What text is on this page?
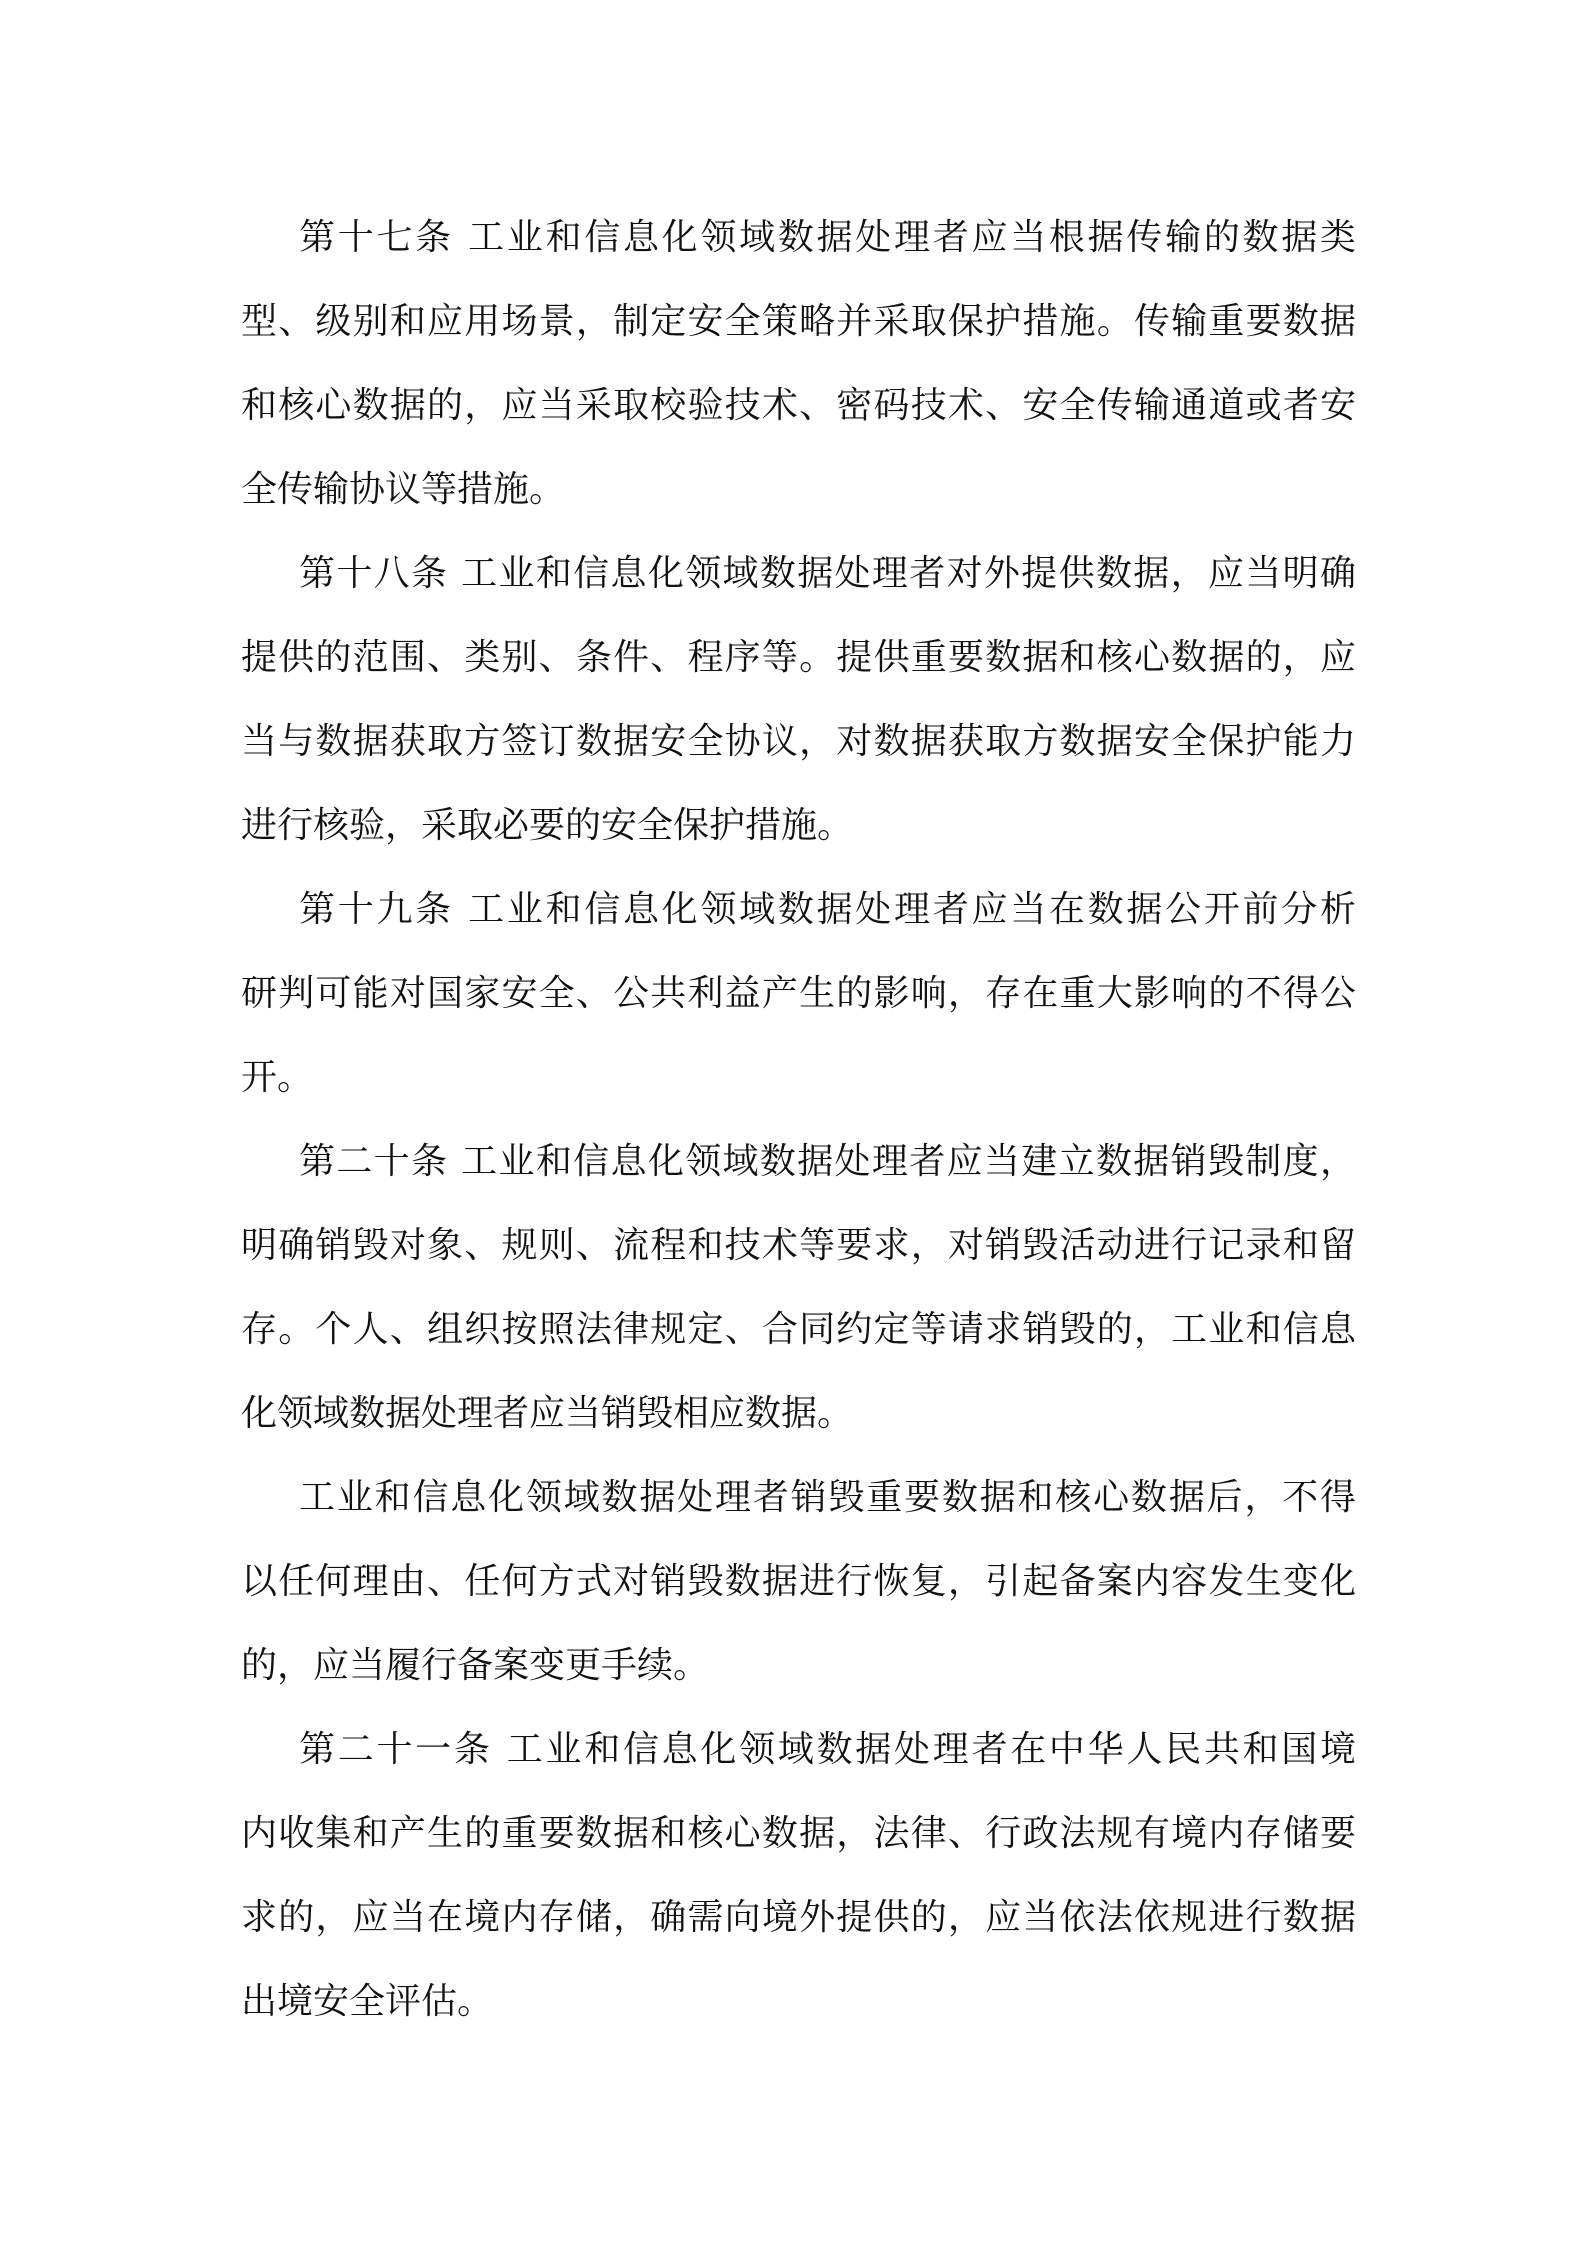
第十七条 工业和信息化领域数据处理者应当根据传输的数据类
型、级别和应用场景，制定安全策略并采取保护措施。传输重要数据
和核心数据的，应当采取校验技术、密码技术、安全传输通道或者安
全传输协议等措施。
第十八条 工业和信息化领域数据处理者对外提供数据，应当明确
提供的范围、类别、条件、程序等。提供重要数据和核心数据的，应
当与数据获取方签订数据安全协议，对数据获取方数据安全保护能力
进行核验，采取必要的安全保护措施。
第十九条 工业和信息化领域数据处理者应当在数据公开前分析
研判可能对国家安全、公共利益产生的影响，存在重大影响的不得公
开。
第二十条 工业和信息化领域数据处理者应当建立数据销毁制度，
明确销毁对象、规则、流程和技术等要求，对销毁活动进行记录和留
存。个人、组织按照法律规定、合同约定等请求销毁的，工业和信息
化领域数据处理者应当销毁相应数据。
工业和信息化领域数据处理者销毁重要数据和核心数据后，不得
以任何理由、任何方式对销毁数据进行恢复，引起备案内容发生变化
的，应当履行备案变更手续。
第二十一条 工业和信息化领域数据处理者在中华人民共和国境
内收集和产生的重要数据和核心数据，法律、行政法规有境内存储要
求的，应当在境内存储，确需向境外提供的，应当依法依规进行数据
出境安全评估。
